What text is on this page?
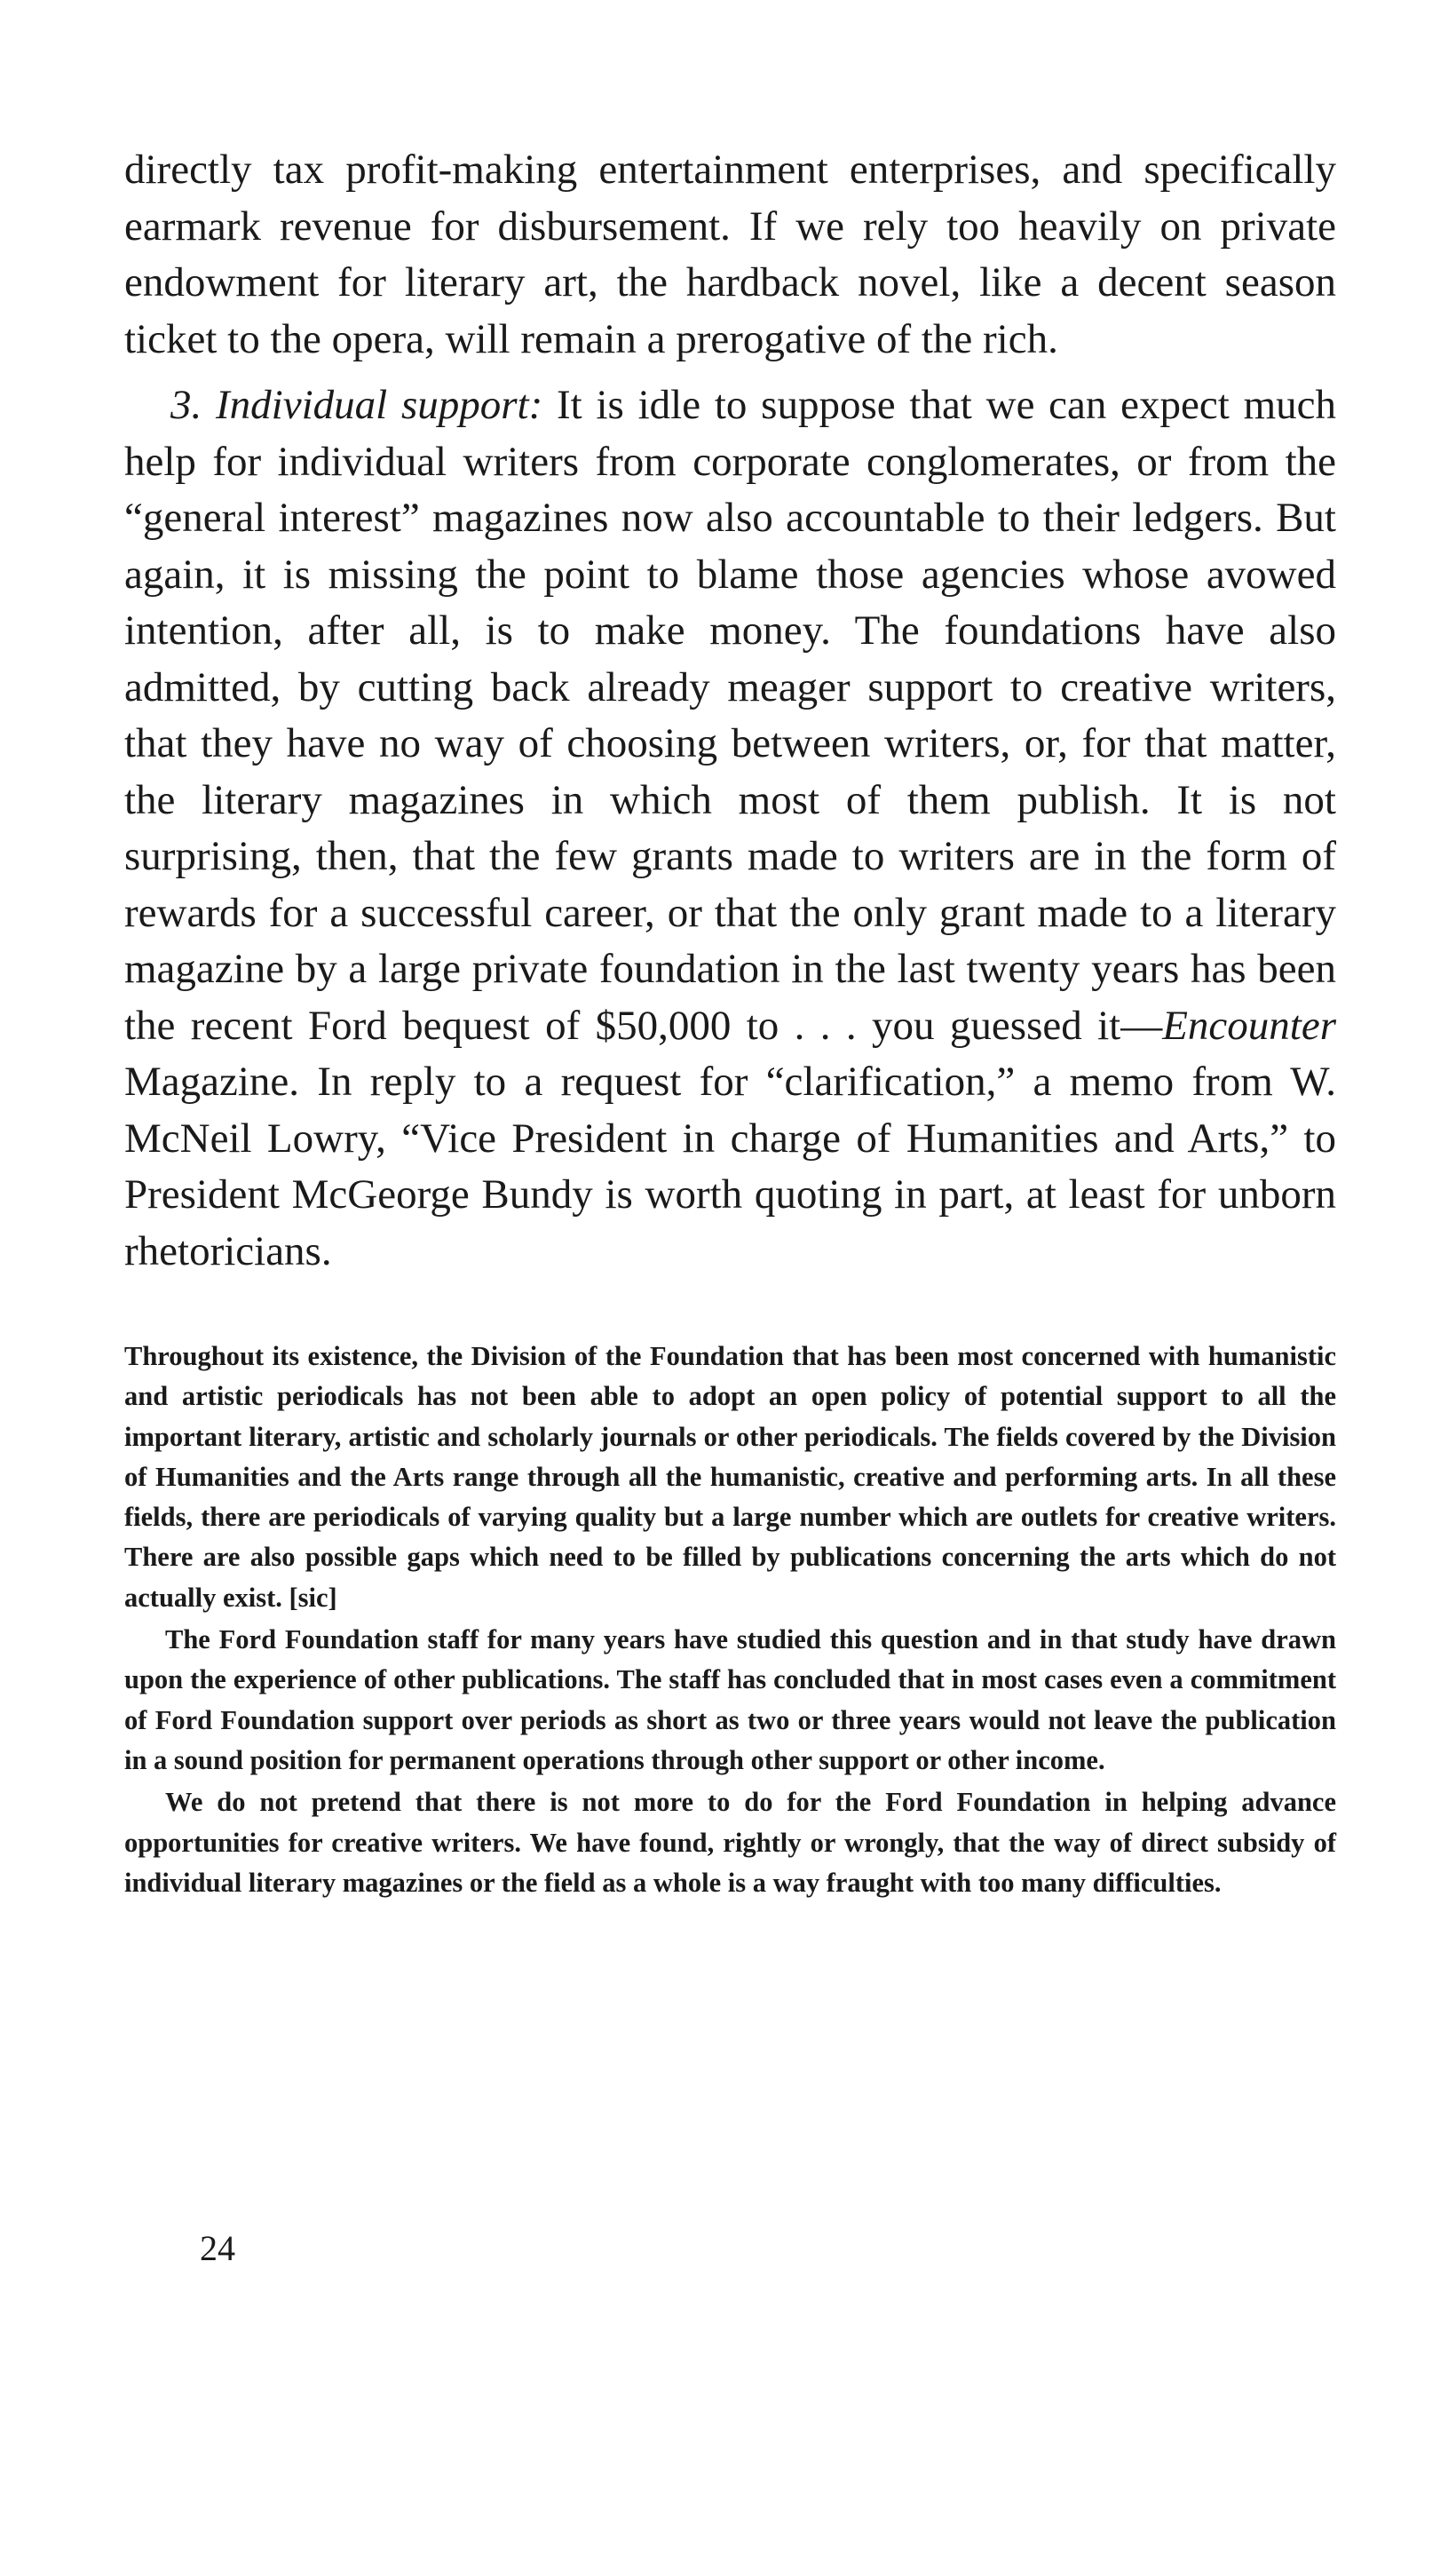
directly tax profit-making entertainment enterprises, and specifically earmark revenue for disbursement. If we rely too heavily on private endowment for literary art, the hardback novel, like a decent season ticket to the opera, will remain a prerogative of the rich.

3. Individual support: It is idle to suppose that we can expect much help for individual writers from corporate conglomerates, or from the “general interest” magazines now also accountable to their ledgers. But again, it is missing the point to blame those agencies whose avowed intention, after all, is to make money. The foundations have also admitted, by cutting back already meager support to creative writers, that they have no way of choosing between writers, or, for that matter, the literary magazines in which most of them publish. It is not surprising, then, that the few grants made to writers are in the form of rewards for a successful career, or that the only grant made to a literary magazine by a large private foundation in the last twenty years has been the recent Ford bequest of $50,000 to . . . you guessed it—Encounter Magazine. In reply to a request for “clarification,” a memo from W. McNeil Lowry, “Vice President in charge of Humanities and Arts,” to President McGeorge Bundy is worth quoting in part, at least for unborn rhetoricians.

Throughout its existence, the Division of the Foundation that has been most concerned with humanistic and artistic periodicals has not been able to adopt an open policy of potential support to all the important literary, artistic and scholarly journals or other periodicals. The fields covered by the Division of Humanities and the Arts range through all the humanistic, creative and performing arts. In all these fields, there are periodicals of varying quality but a large number which are outlets for creative writers. There are also possible gaps which need to be filled by publications concerning the arts which do not actually exist. [sic]

The Ford Foundation staff for many years have studied this question and in that study have drawn upon the experience of other publications. The staff has concluded that in most cases even a commitment of Ford Foundation support over periods as short as two or three years would not leave the publication in a sound position for permanent operations through other support or other income.

We do not pretend that there is not more to do for the Ford Foundation in helping advance opportunities for creative writers. We have found, rightly or wrongly, that the way of direct subsidy of individual literary magazines or the field as a whole is a way fraught with too many difficulties.

24
